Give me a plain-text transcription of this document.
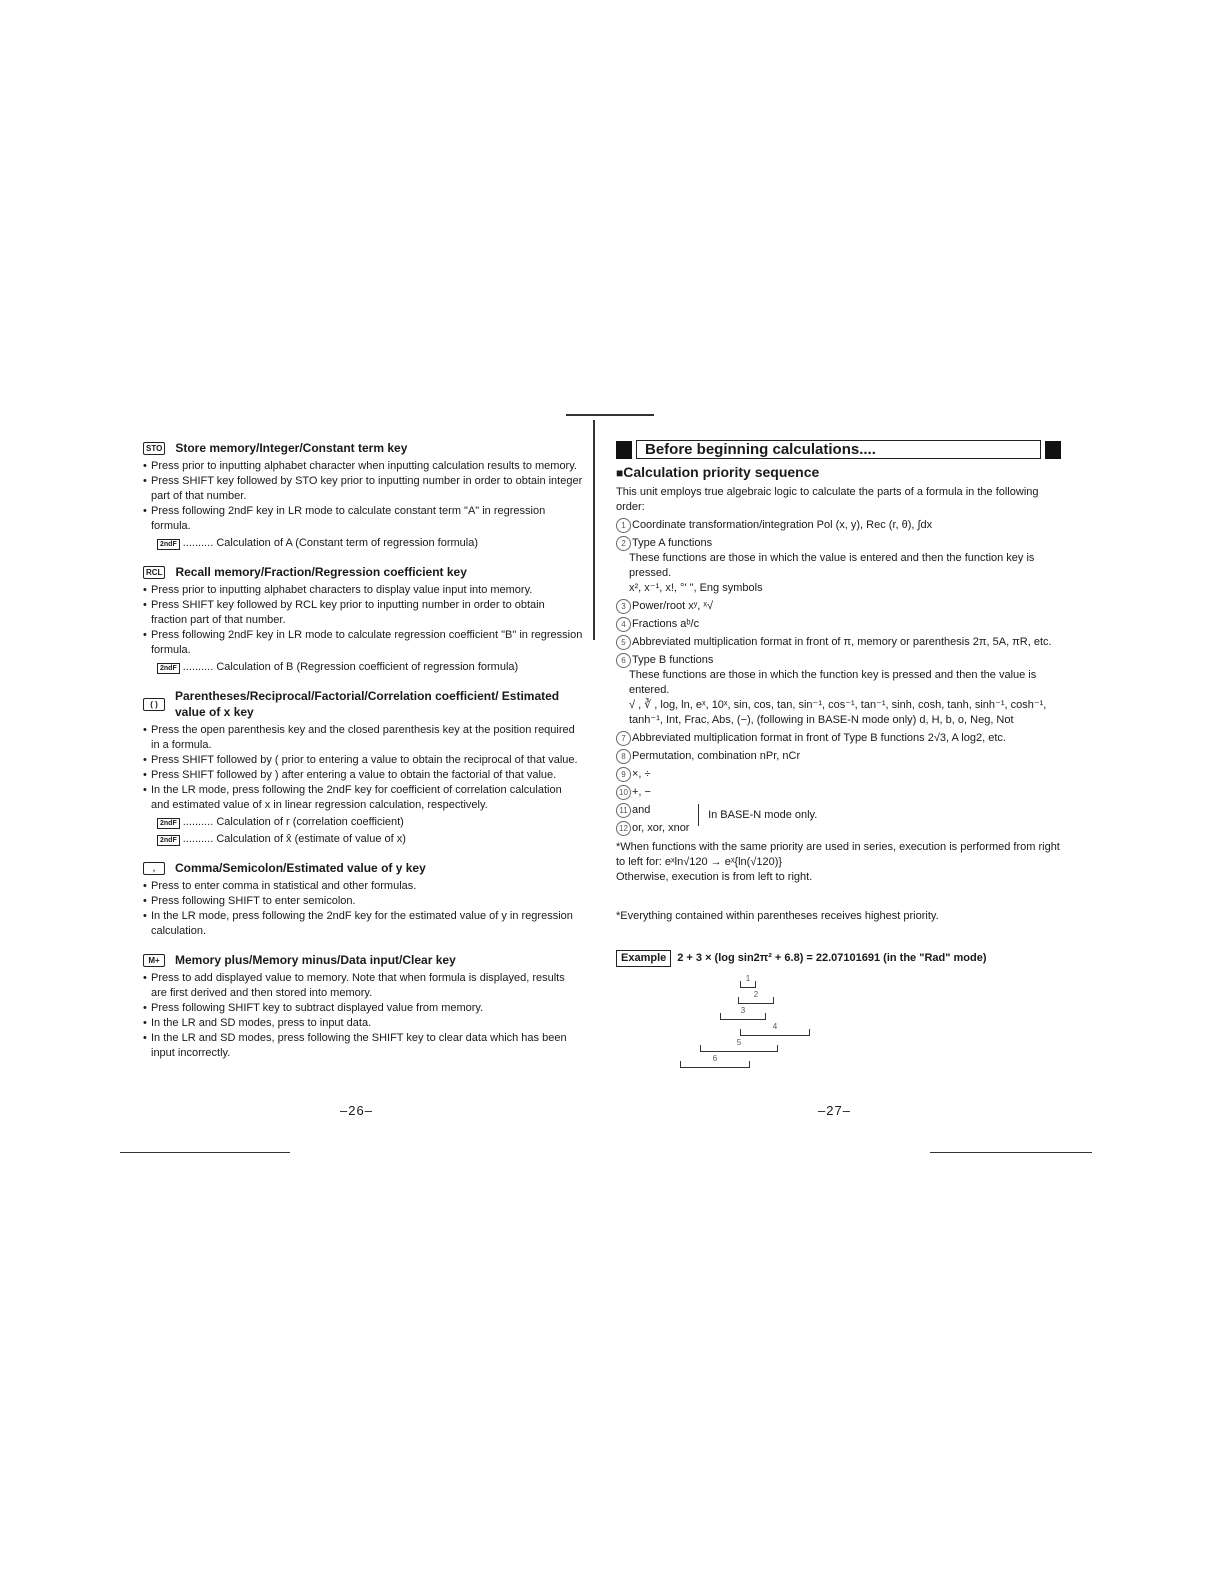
STO Store memory/Integer/Constant term key

• Press prior to inputting alphabet character when inputting calculation results to memory.

• Press SHIFT key followed by STO key prior to inputting number in order to obtain integer part of that number.

• Press following 2ndF key in LR mode to calculate constant term "A" in regression formula.

2ndF .......... Calculation of A (Constant term of regression formula)
RCL Recall memory/Fraction/Regression coefficient key

• Press prior to inputting alphabet characters to display value input into memory.

• Press SHIFT key followed by RCL key prior to inputting number in order to obtain fraction part of that number.

• Press following 2ndF key in LR mode to calculate regression coefficient "B" in regression formula.

2ndF .......... Calculation of B (Regression coefficient of regression formula)
( )
Parentheses/Reciprocal/Factorial/Correlation coefficient/ Estimated value of x key

• Press the open parenthesis key and the closed parenthesis key at the position required in a formula.

• Press SHIFT followed by ( prior to entering a value to obtain the reciprocal of that value.

• Press SHIFT followed by ) after entering a value to obtain the factorial of that value.

• In the LR mode, press following the 2ndF key for coefficient of correlation calculation and estimated value of x in linear regression calculation, respectively.

2ndF .......... Calculation of r (correlation coefficient)
2ndF .......... Calculation of x̂ (estimate of value of x)
,	Comma/Semicolon/Estimated value of y key

• Press to enter comma in statistical and other formulas.

• Press following SHIFT to enter semicolon.

• In the LR mode, press following the 2ndF key for the estimated value of y in regression calculation.

M+	Memory plus/Memory minus/Data input/Clear key

• Press to add displayed value to memory. Note that when formula is displayed, results are first derived and then stored into memory.

• Press following SHIFT key to subtract displayed value from memory.

• In the LR and SD modes, press to input data.

• In the LR and SD modes, press following the SHIFT key to clear data which has been input incorrectly.

–26–
Before beginning calculations....
■ Calculation priority sequence

This unit employs true algebraic logic to calculate the parts of a formula in the following order:

1 Coordinate transformation/integration Pol (x, y), Rec (r, θ), ∫dx
2 Type A functions
These functions are those in which the value is entered and then the function key is pressed.
x², x⁻¹, x!, °' ", Eng symbols
3 Power/root xʸ, ˣ√
4 Fractions aᵇ/c
5 Abbreviated multiplication format in front of π, memory or parenthesis 2π, 5A, πR, etc.
6 Type B functions
These functions are those in which the function key is pressed and then the value is entered.
√ , ∛ , log, ln, eˣ, 10ˣ, sin, cos, tan, sin⁻¹, cos⁻¹, tan⁻¹, sinh, cosh, tanh, sinh⁻¹, cosh⁻¹, tanh⁻¹, Int, Frac, Abs, (−), (following in BASE-N mode only) d, H, b, o, Neg, Not
7 Abbreviated multiplication format in front of Type B functions 2√3, A log2, etc.
8 Permutation, combination nPr, nCr
9 ×, ÷
10 +, −
11 and
12 or, xor, xnor
In BASE-N mode only.
*When functions with the same priority are used in series, execution is performed from right to left for: eˣln√120 → eˣ{ln(√120)}
Otherwise, execution is from left to right.
*Everything contained within parentheses receives highest priority.
Example	2 + 3 × (log sin2π² + 6.8) = 22.07101691 (in the "Rad" mode)
1
2
3
4
5
6
–27–
